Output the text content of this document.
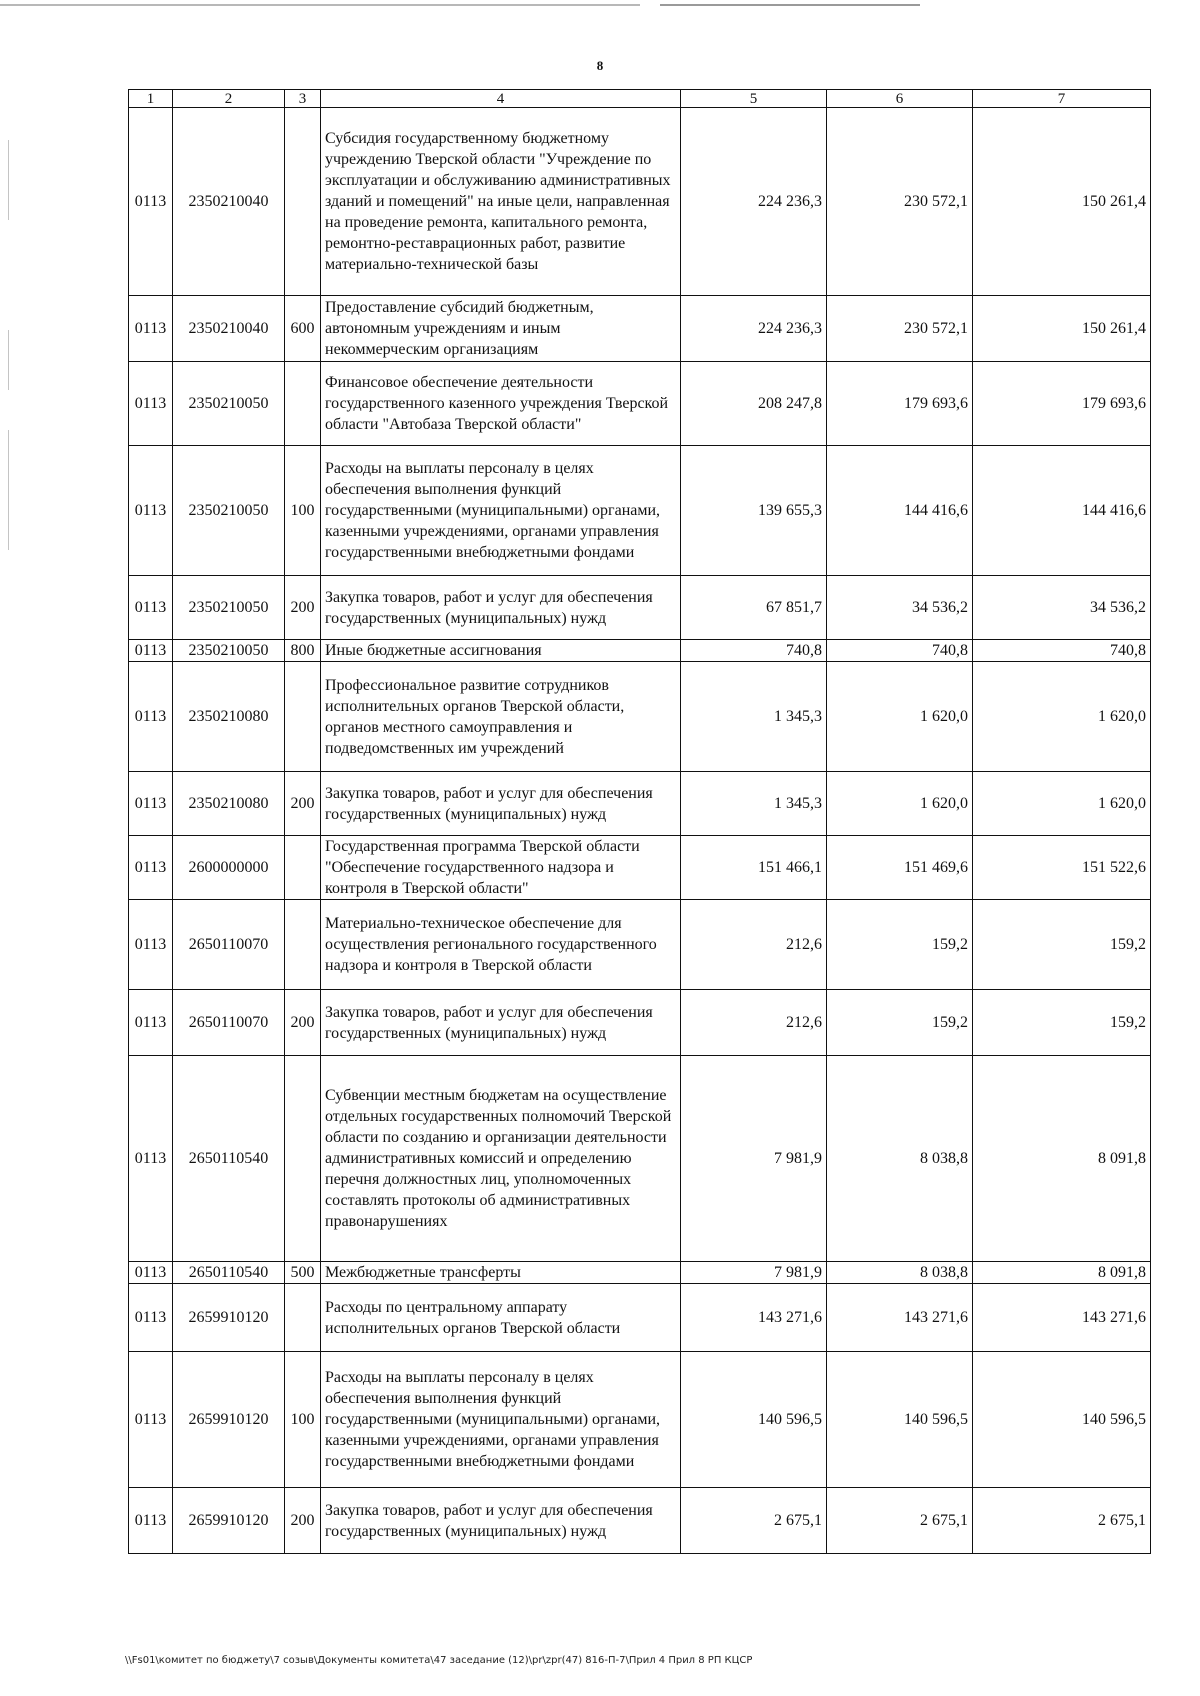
8
1	2	3	4	5	6	7
0113	2350210040		Субсидия государственному бюджетному учреждению Тверской области "Учреждение по эксплуатации и обслуживанию административных зданий и помещений" на иные цели, направленная на проведение ремонта, капитального ремонта, ремонтно-реставрационных работ, развитие материально-технической базы	224 236,3	230 572,1	150 261,4
0113	2350210040	600	Предоставление субсидий бюджетным, автономным учреждениям и иным некоммерческим организациям	224 236,3	230 572,1	150 261,4
0113	2350210050		Финансовое обеспечение деятельности государственного казенного учреждения Тверской области "Автобаза Тверской области"	208 247,8	179 693,6	179 693,6
0113	2350210050	100	Расходы на выплаты персоналу в целях обеспечения выполнения функций государственными (муниципальными) органами, казенными учреждениями, органами управления государственными внебюджетными фондами	139 655,3	144 416,6	144 416,6
0113	2350210050	200	Закупка товаров, работ и услуг для обеспечения государственных (муниципальных) нужд	67 851,7	34 536,2	34 536,2
0113	2350210050	800	Иные бюджетные ассигнования	740,8	740,8	740,8
0113	2350210080		Профессиональное развитие сотрудников исполнительных органов Тверской области, органов местного самоуправления и подведомственных им учреждений	1 345,3	1 620,0	1 620,0
0113	2350210080	200	Закупка товаров, работ и услуг для обеспечения государственных (муниципальных) нужд	1 345,3	1 620,0	1 620,0
0113	2600000000		Государственная программа Тверской области "Обеспечение государственного надзора и контроля в Тверской области"	151 466,1	151 469,6	151 522,6
0113	2650110070		Материально-техническое обеспечение для осуществления регионального государственного надзора и контроля в Тверской области	212,6	159,2	159,2
0113	2650110070	200	Закупка товаров, работ и услуг для обеспечения государственных (муниципальных) нужд	212,6	159,2	159,2
0113	2650110540		Субвенции местным бюджетам на осуществление отдельных государственных полномочий Тверской области по созданию и организации деятельности административных комиссий и определению перечня должностных лиц, уполномоченных составлять протоколы об административных правонарушениях	7 981,9	8 038,8	8 091,8
0113	2650110540	500	Межбюджетные трансферты	7 981,9	8 038,8	8 091,8
0113	2659910120		Расходы по центральному аппарату исполнительных органов Тверской области	143 271,6	143 271,6	143 271,6
0113	2659910120	100	Расходы на выплаты персоналу в целях обеспечения выполнения функций государственными (муниципальными) органами, казенными учреждениями, органами управления государственными внебюджетными фондами	140 596,5	140 596,5	140 596,5
0113	2659910120	200	Закупка товаров, работ и услуг для обеспечения государственных (муниципальных) нужд	2 675,1	2 675,1	2 675,1
\\Fs01\комитет по бюджету\7 созыв\Документы комитета\47 заседание (12)\pr\zpr(47) 816-П-7\Прил 4 Прил 8 РП КЦСР
